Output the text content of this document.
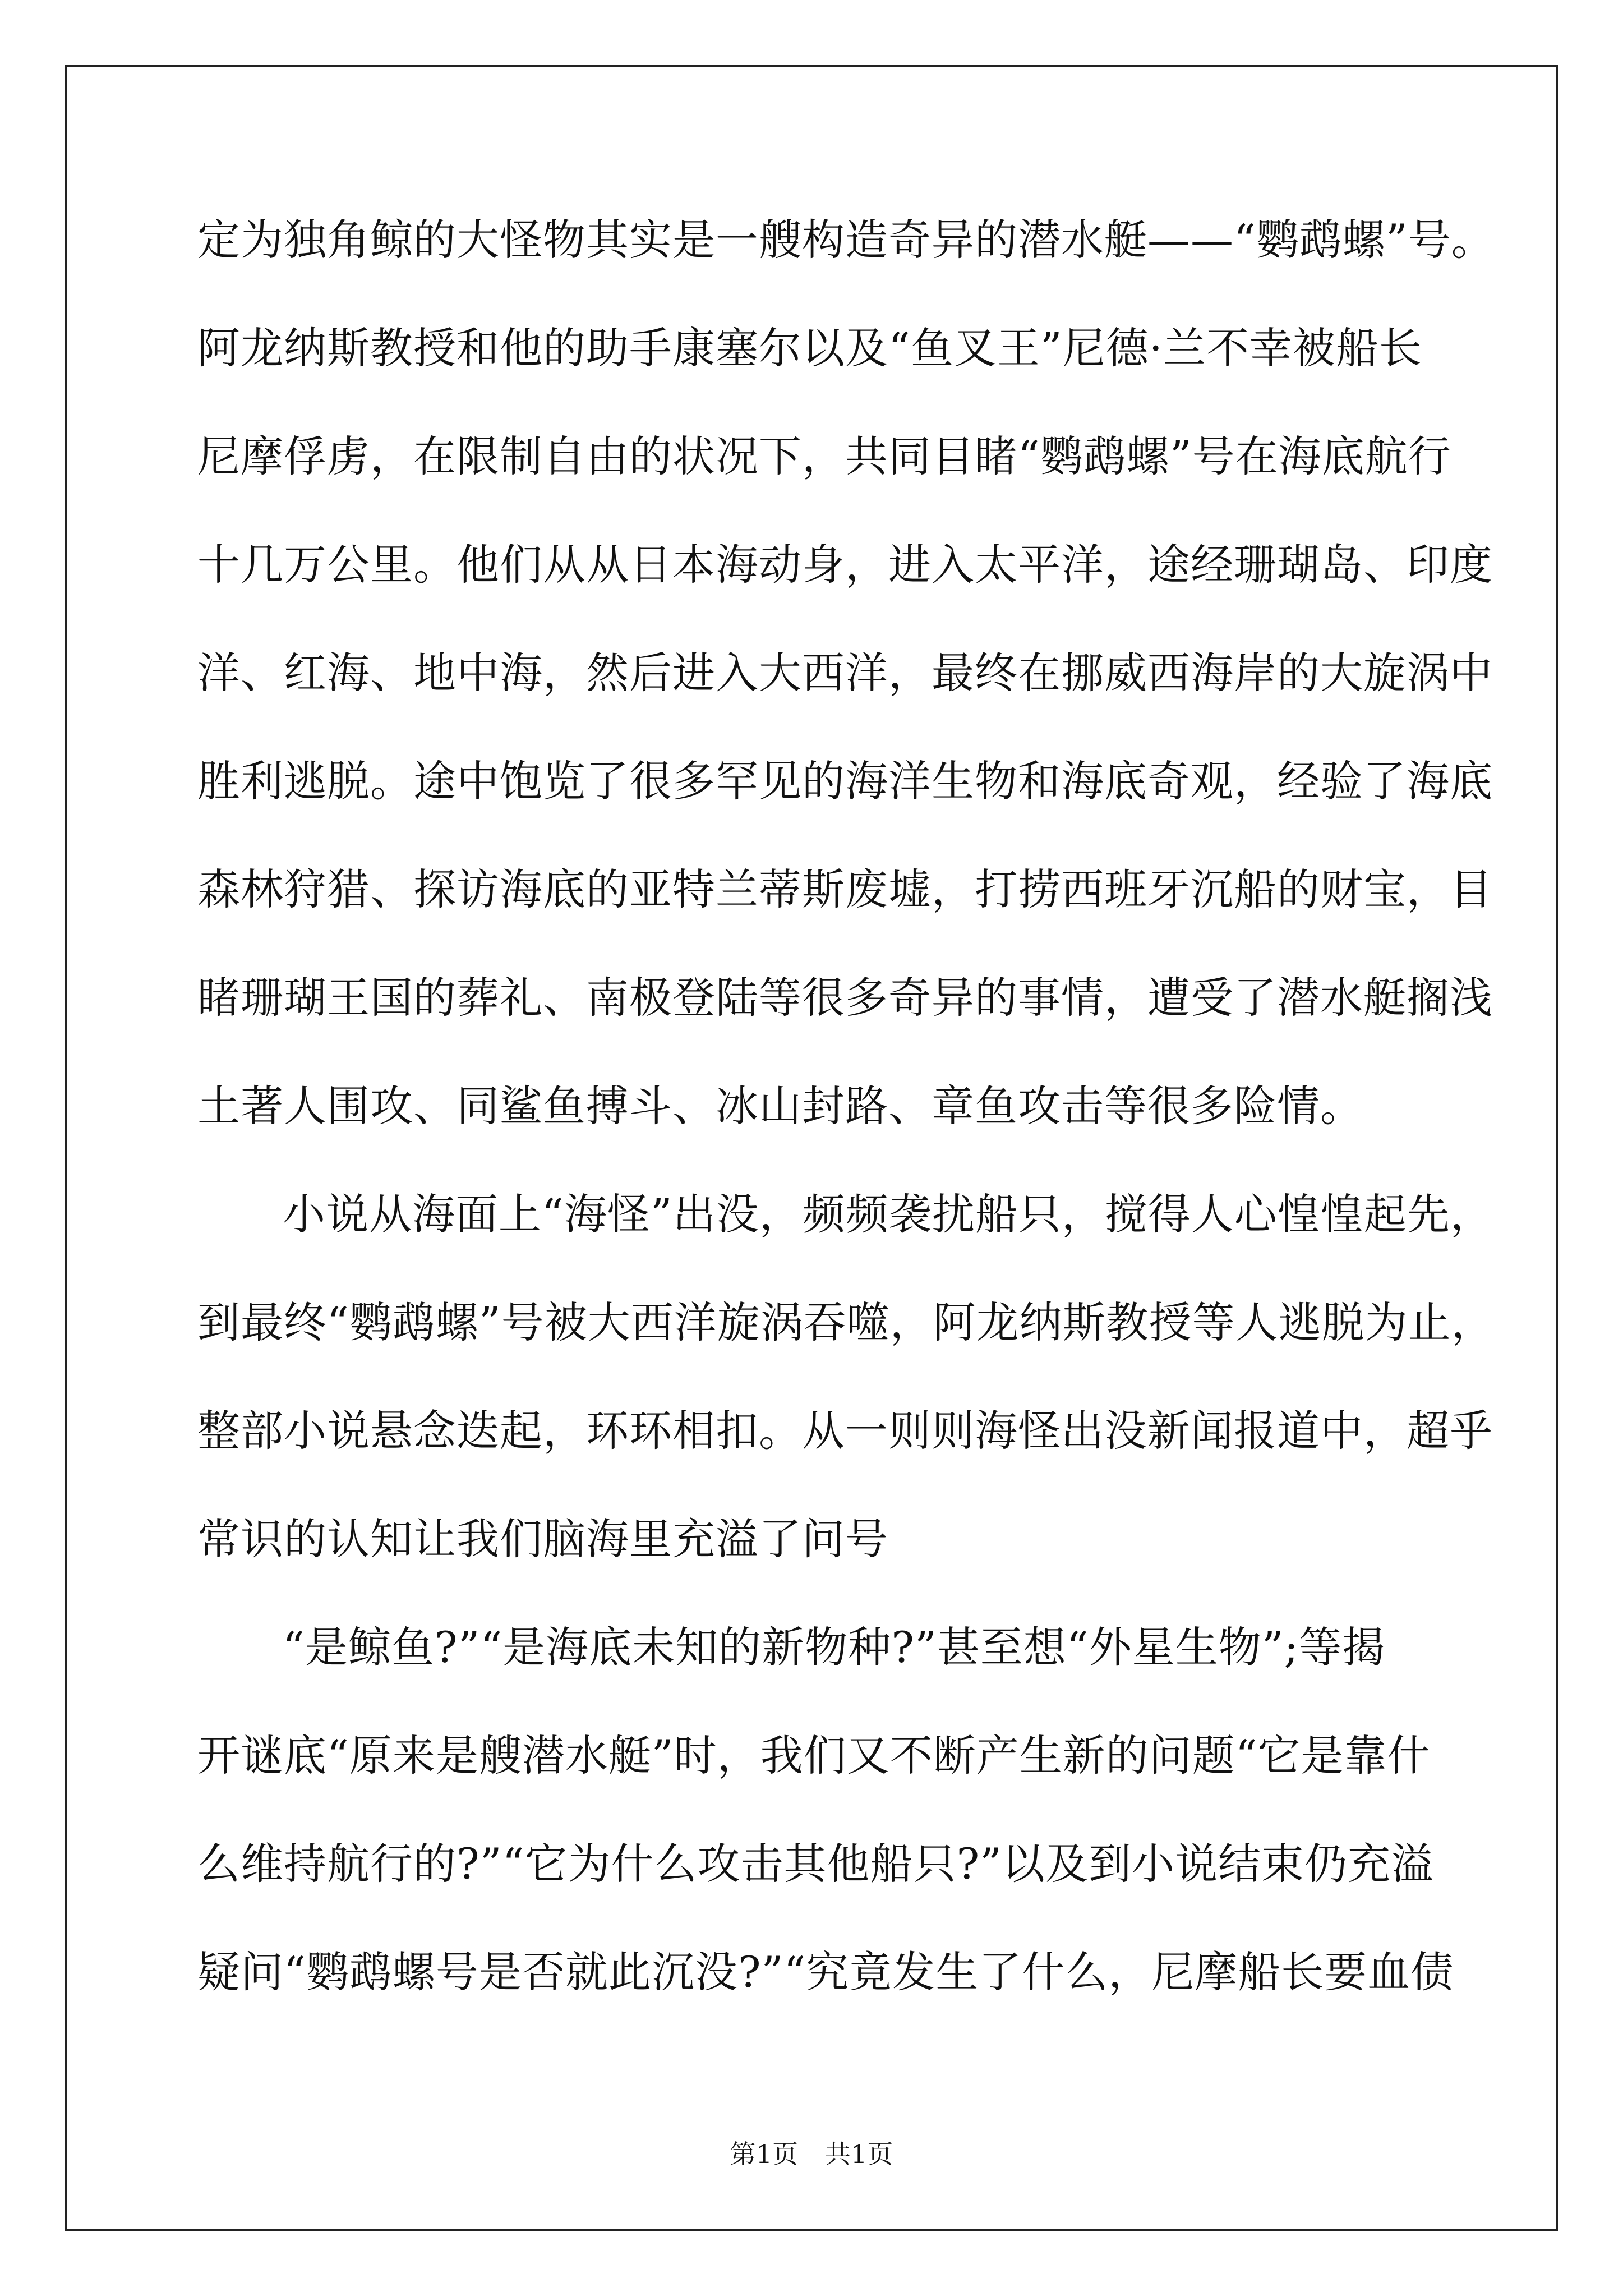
定为独角鲸的大怪物其实是一艘构造奇异的潜水艇——“鹦鹉螺”号。
阿龙纳斯教授和他的助手康塞尔以及“鱼叉王”尼德·兰不幸被船长
尼摩俘虏，在限制自由的状况下，共同目睹“鹦鹉螺”号在海底航行
十几万公里。他们从从日本海动身，进入太平洋，途经珊瑚岛、印度
洋、红海、地中海，然后进入大西洋，最终在挪威西海岸的大旋涡中
胜利逃脱。途中饱览了很多罕见的海洋生物和海底奇观，经验了海底
森林狩猎、探访海底的亚特兰蒂斯废墟，打捞西班牙沉船的财宝，目
睹珊瑚王国的葬礼、南极登陆等很多奇异的事情，遭受了潜水艇搁浅
土著人围攻、同鲨鱼搏斗、冰山封路、章鱼攻击等很多险情。
小说从海面上“海怪”出没，频频袭扰船只，搅得人心惶惶起先，
到最终“鹦鹉螺”号被大西洋旋涡吞噬，阿龙纳斯教授等人逃脱为止，
整部小说悬念迭起，环环相扣。从一则则海怪出没新闻报道中，超乎
常识的认知让我们脑海里充溢了问号
“是鲸鱼?”“是海底未知的新物种?”甚至想“外星生物”;等揭
开谜底“原来是艘潜水艇”时，我们又不断产生新的问题“它是靠什
么维持航行的?”“它为什么攻击其他船只?”以及到小说结束仍充溢
疑问“鹦鹉螺号是否就此沉没?”“究竟发生了什么，尼摩船长要血债
第1页 共1页
